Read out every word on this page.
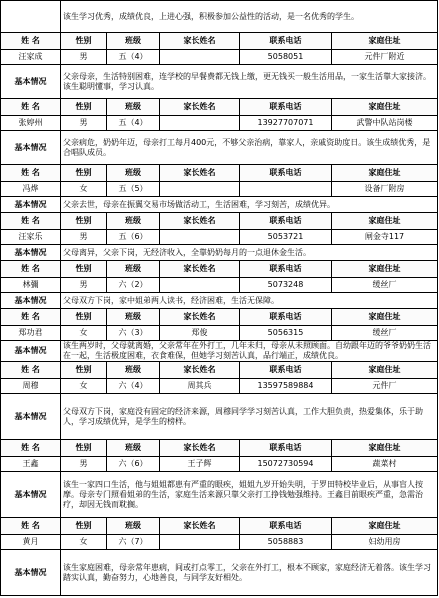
	该生学习优秀，成绩优良，上进心强，积极参加公益性的活动，是一名优秀的学生。				
姓 名	性别	班级	家长姓名	联系电话	家庭住址
汪家成	男	五（4）		5058051	元件厂附近
基本情况	父亲母亲，生活特别困难，连学校的早餐费都无钱上缴，更无钱买一般生活用品，一家生活靠大家接济。该生聪明懂事，学习认真。				
姓 名	性别	班级	家长姓名	联系电话	家庭住址
张婷州	男	五（4）		13927707071	武警中队站岗楼
基本情况	父亲病危，奶奶年迈，母亲打工每月400元，不够父亲治病，靠家人，亲戚资助度日。该生成绩优秀，是合唱队成员。				
姓 名	性别	班级	家长姓名	联系电话	家庭住址
冯烨	女	五（5）			设备厂附房
基本情况	父亲去世，母亲在振翼交易市场做活动工，生活困难，学习刻苦，成绩优异。				
姓 名	性别	班级	家长姓名	联系电话	家庭住址
汪家乐	男	五（6）		5053721	闸金寺117
基本情况	父母离异，父亲下岗，无经济收入，全靠奶奶每月的一点退休金生活。				
姓 名	性别	班级	家长姓名	联系电话	家庭住址
林彌	男	六（2）		5073248	缓丝厂
基本情况	父母双方下岗，家中姐弟两人读书，经济困难，生活无保障。				
姓 名	性别	班级	家长姓名	联系电话	家庭住址
郑功君	女	六（3）	郑俊	5056315	缓丝厂
基本情况	该生两岁时，父母就离婚，父亲常年在外打工，几年未归，母亲从未照顾面。自幼跟年迈的爷爷奶奶生活在一起，生活极度困难，衣食难保，但她学习刻苦认真，品行端正，成绩优良。				
姓 名	性别	班级	家长姓名	联系电话	家庭住址
周穆	女	六（4）	周其兵	13597589884	元件厂
基本情况	父母双方下岗，家庭没有固定的经济来源，周穆同学学习刻苦认真，工作大胆负责，热爱集体，乐于助人，学习成绩优异，是学生的榜样。				
姓 名	性别	班级	家长姓名	联系电话	家庭住址
王鑫	男	六（6）	王子辉	15072730594	蔬菜村
基本情况	该生一家四口生活，他与姐姐都患有严重的眼疾，姐姐九岁开始失明，于罗田特校毕业后，从事盲人按摩。母亲专门照看姐弟的生活，家庭生活来源只靠父亲打工挣钱勉强维持。王鑫目前眼疾严重，急需治疗，却因无钱而耽搁。				
姓 名	性别	班级	家长姓名	联系电话	家庭住址
黄月	女	六（7）		5058883	妇幼用房
基本情况	该生家庭困难，母亲常年患病，间或打点零工，父亲在外打工，根本不顾家，家庭经济无着落。该生学习踏实认真，勤奋努力，心地善良，与同学友好相处。				
